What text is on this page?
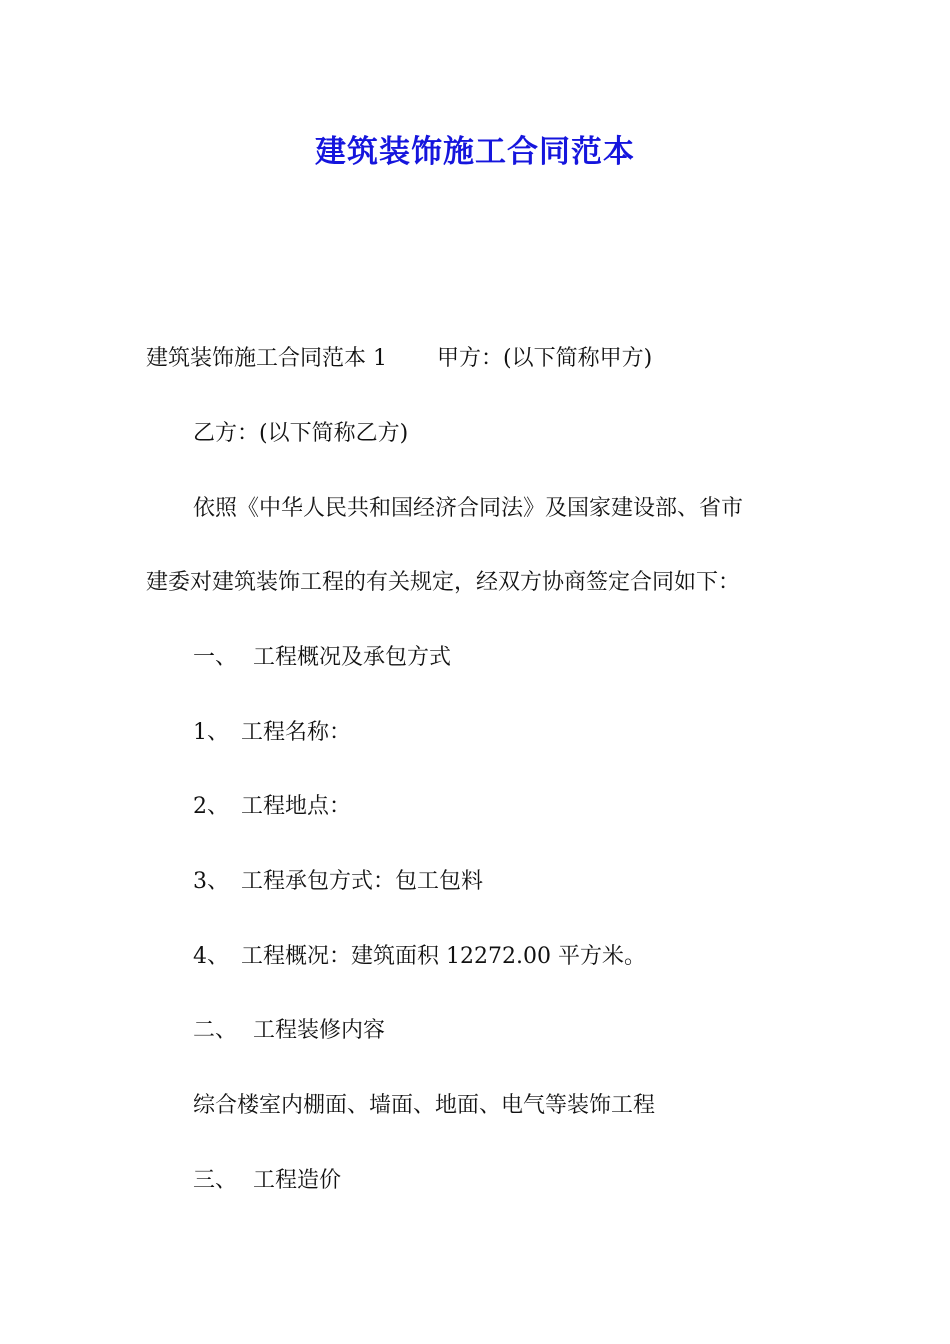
建筑装饰施工合同范本
建筑装饰施工合同范本 1 甲方：(以下简称甲方)
乙方：(以下简称乙方)
依照《中华人民共和国经济合同法》及国家建设部、省市
建委对建筑装饰工程的有关规定，经双方协商签定合同如下：
一、 工程概况及承包方式
1、 工程名称：
2、 工程地点：
3、 工程承包方式：包工包料
4、 工程概况：建筑面积 12272.00 平方米。
二、 工程装修内容
综合楼室内棚面、墙面、地面、电气等装饰工程
三、 工程造价
